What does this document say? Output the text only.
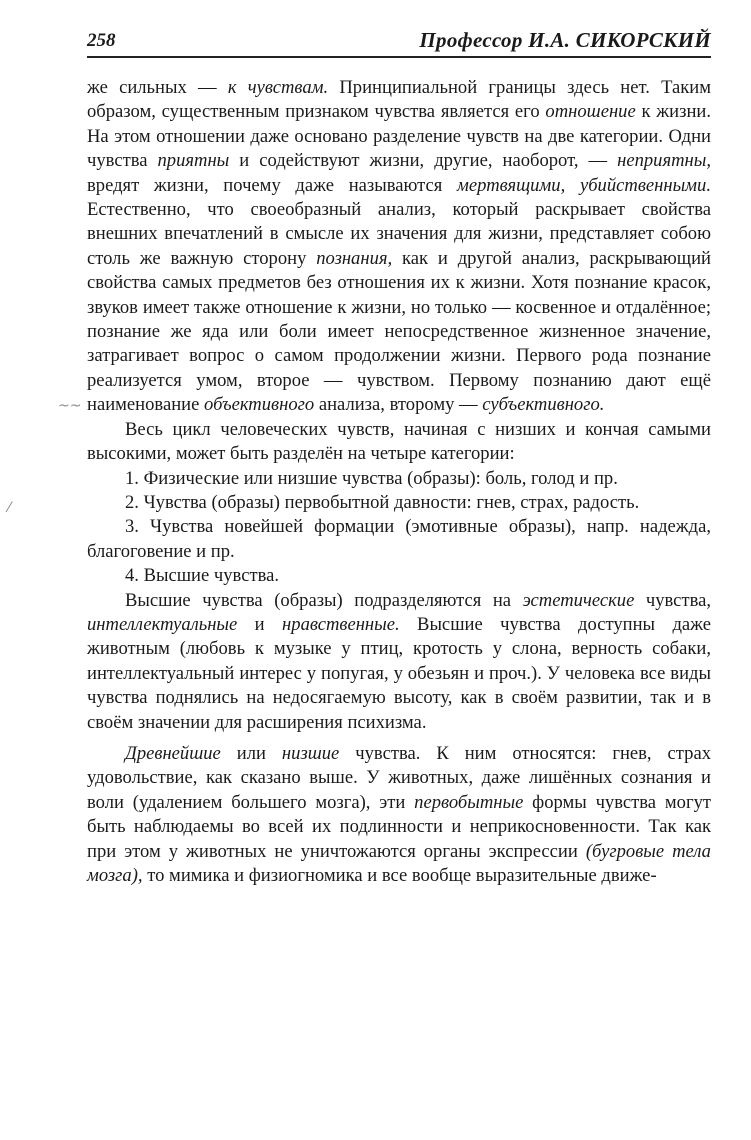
258	Профессор И.А. СИКОРСКИЙ

же сильных — к чувствам. Принципиальной границы здесь нет. Таким образом, существенным признаком чувства является его отношение к жизни. На этом отношении даже основано разделение чувств на две категории. Одни чувства приятны и содействуют жизни, другие, наоборот, — неприятны, вредят жизни, почему даже называются мертвящими, убийственными. Естественно, что своеобразный анализ, который раскрывает свойства внешних впечатлений в смысле их значения для жизни, представляет собою столь же важную сторону познания, как и другой анализ, раскрывающий свойства самых предметов без отношения их к жизни. Хотя познание красок, звуков имеет также отношение к жизни, но только — косвенное и отдалённое; познание же яда или боли имеет непосредственное жизненное значение, затрагивает вопрос о самом продолжении жизни. Первого рода познание реализуется умом, второе — чувством. Первому познанию дают ещё наименование объективного анализа, второму — субъективного.

Весь цикл человеческих чувств, начиная с низших и кончая самыми высокими, может быть разделён на четыре категории:

1. Физические или низшие чувства (образы): боль, голод и пр.

2. Чувства (образы) первобытной давности: гнев, страх, радость.

3. Чувства новейшей формации (эмотивные образы), напр. надежда, благоговение и пр.

4. Высшие чувства.

Высшие чувства (образы) подразделяются на эстетические чувства, интеллектуальные и нравственные. Высшие чувства доступны даже животным (любовь к музыке у птиц, кротость у слона, верность собаки, интеллектуальный интерес у попугая, у обезьян и проч.). У человека все виды чувства поднялись на недосягаемую высоту, как в своём развитии, так и в своём значении для расширения психизма.

Древнейшие или низшие чувства. К ним относятся: гнев, страх удовольствие, как сказано выше. У животных, даже лишённых сознания и воли (удалением большего мозга), эти первобытные формы чувства могут быть наблюдаемы во всей их подлинности и неприкосновенности. Так как при этом у животных не уничтожаются органы экспрессии (бугровые тела мозга), то мимика и физиогномика и все вообще выразительные движе-

~~
⁄
